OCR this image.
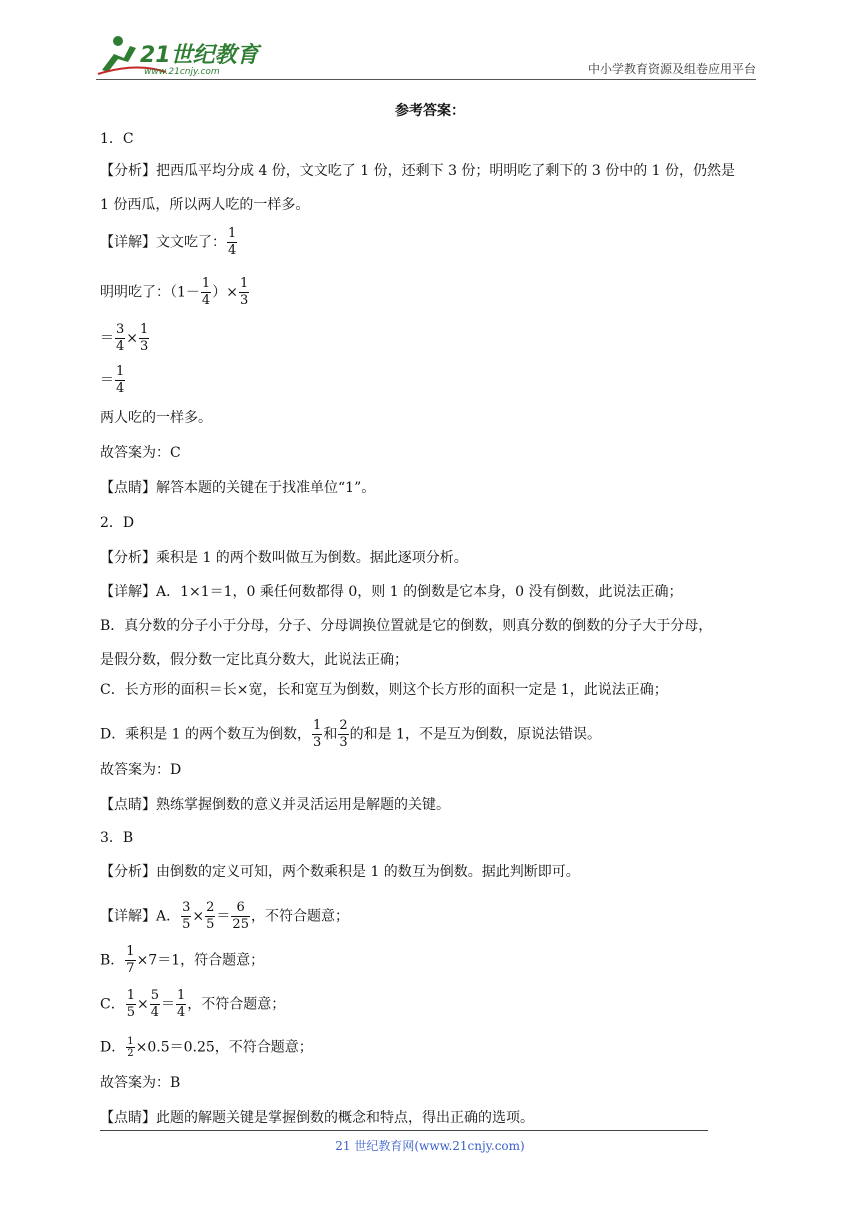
21世纪教育
www.21cnjy.com	中小学教育资源及组卷应用平台
参考答案：
1．C
【分析】把西瓜平均分成 4 份，文文吃了 1 份，还剩下 3 份；明明吃了剩下的 3 份中的 1 份，仍然是
1 份西瓜，所以两人吃的一样多。
【详解】文文吃了： $\frac{1}{4}$
明明吃了：（$1- \frac{1}{4}$ ）× $\frac{1}{3}$
＝ $\frac{3}{4} \times \frac{1}{3}$
＝ $\frac{1}{4}$
两人吃的一样多。
故答案为：C
【点睛】解答本题的关键在于找准单位“1”。
2．D
【分析】乘积是 1 的两个数叫做互为倒数。据此逐项分析。
【详解】A．1×1＝1，0 乘任何数都得 0，则 1 的倒数是它本身，0 没有倒数，此说法正确；
B．真分数的分子小于分母，分子、分母调换位置就是它的倒数，则真分数的倒数的分子大于分母，
是假分数，假分数一定比真分数大，此说法正确；
C．长方形的面积＝长×宽，长和宽互为倒数，则这个长方形的面积一定是 1，此说法正确；
D．乘积是 1 的两个数互为倒数， $\frac{1}{3}$ 和 $\frac{2}{3}$ 的和是 1，不是互为倒数，原说法错误。
故答案为：D
【点睛】熟练掌握倒数的意义并灵活运用是解题的关键。
3．B
【分析】由倒数的定义可知，两个数乘积是 1 的数互为倒数。据此判断即可。
【详解】A． $\frac{3}{5} \times \frac{2}{5} = \frac{6}{25}$ ，不符合题意；
B． $\frac{1}{7} \times 7=1$，符合题意；
C． $\frac{1}{5} \times \frac{5}{4} = \frac{1}{4}$ ，不符合题意；
D． $\frac{1}{2} \times 0.5=0.25$，不符合题意；
故答案为：B
【点睛】此题的解题关键是掌握倒数的概念和特点，得出正确的选项。
21 世纪教育网(www.21cnjy.com)
